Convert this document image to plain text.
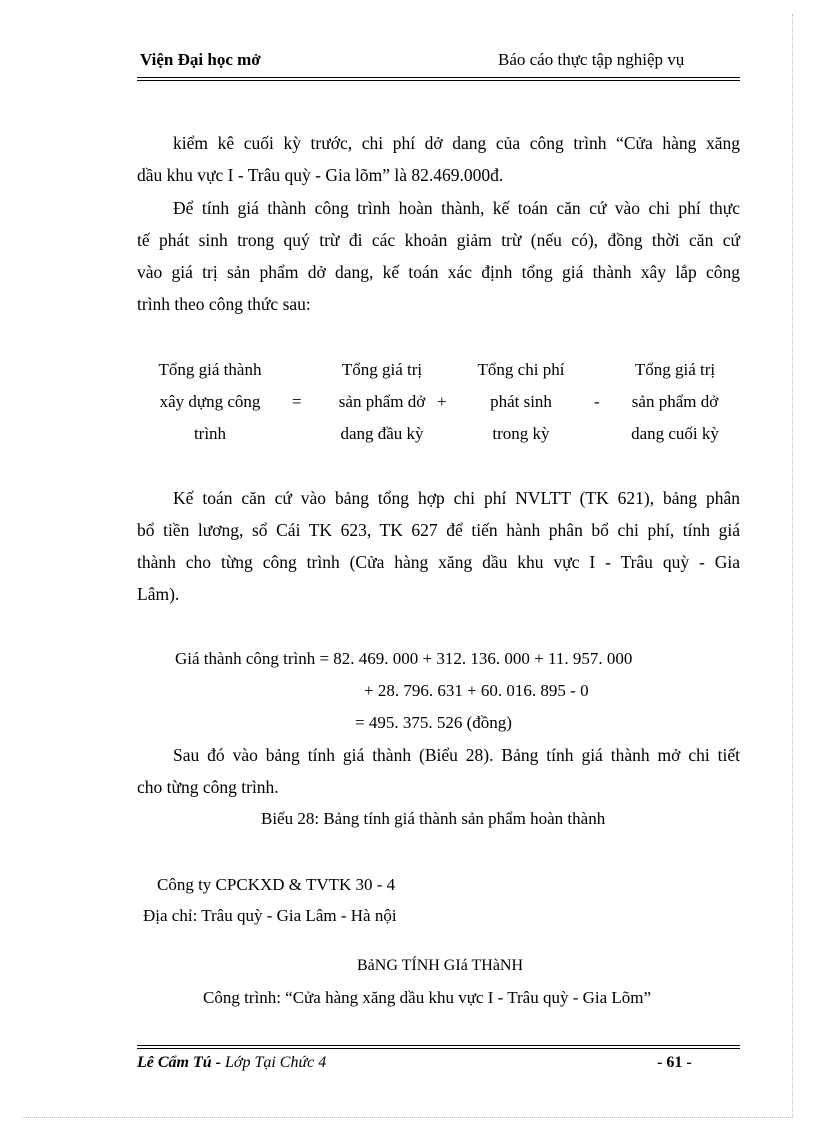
Viện Đại học mở	Báo cáo thực tập nghiệp vụ
kiểm kê cuối kỳ trước, chi phí dở dang của công trình “Cửa hàng xăng
dầu khu vực I - Trâu quỳ - Gia lõm” là 82.469.000đ.
Để tính giá thành công trình hoàn thành, kế toán căn cứ vào chi phí thực
tế phát sinh trong quý trừ đi các khoản giảm trừ (nếu có), đồng thời căn cứ
vào giá trị sản phẩm dở dang, kế toán xác định tổng giá thành xây lắp công
trình theo công thức sau:
Tổng giá thành
xây dựng công
trình
=
Tổng giá trị
sản phẩm dở
dang đầu kỳ
+
Tổng chi phí
phát sinh
trong kỳ
-
Tổng giá trị
sản phẩm dở
dang cuối kỳ
Kế toán căn cứ vào bảng tổng hợp chi phí NVLTT (TK 621), bảng phân
bổ tiền lương, sổ Cái TK 623, TK 627 để tiến hành phân bổ chi phí, tính giá
thành cho từng công trình (Cửa hàng xăng dầu khu vực I - Trâu quỳ - Gia
Lâm).
Giá thành công trình = 82. 469. 000 + 312. 136. 000 + 11. 957. 000
+ 28. 796. 631 + 60. 016. 895 - 0
= 495. 375. 526 (đồng)
Sau đó vào bảng tính giá thành (Biểu 28). Bảng tính giá thành mở chi tiết
cho từng công trình.
Biểu 28: Bảng tính giá thành sản phẩm hoàn thành
Công ty CPCKXD & TVTK 30 - 4
Địa chỉ: Trâu quỳ - Gia Lâm - Hà nội
BảNG TÍNH GIá THàNH
Công trình: “Cửa hàng xăng dầu khu vực I - Trâu quỳ - Gia Lõm”
Lê Cẩm Tú - Lớp Tại Chức 4	- 61 -
